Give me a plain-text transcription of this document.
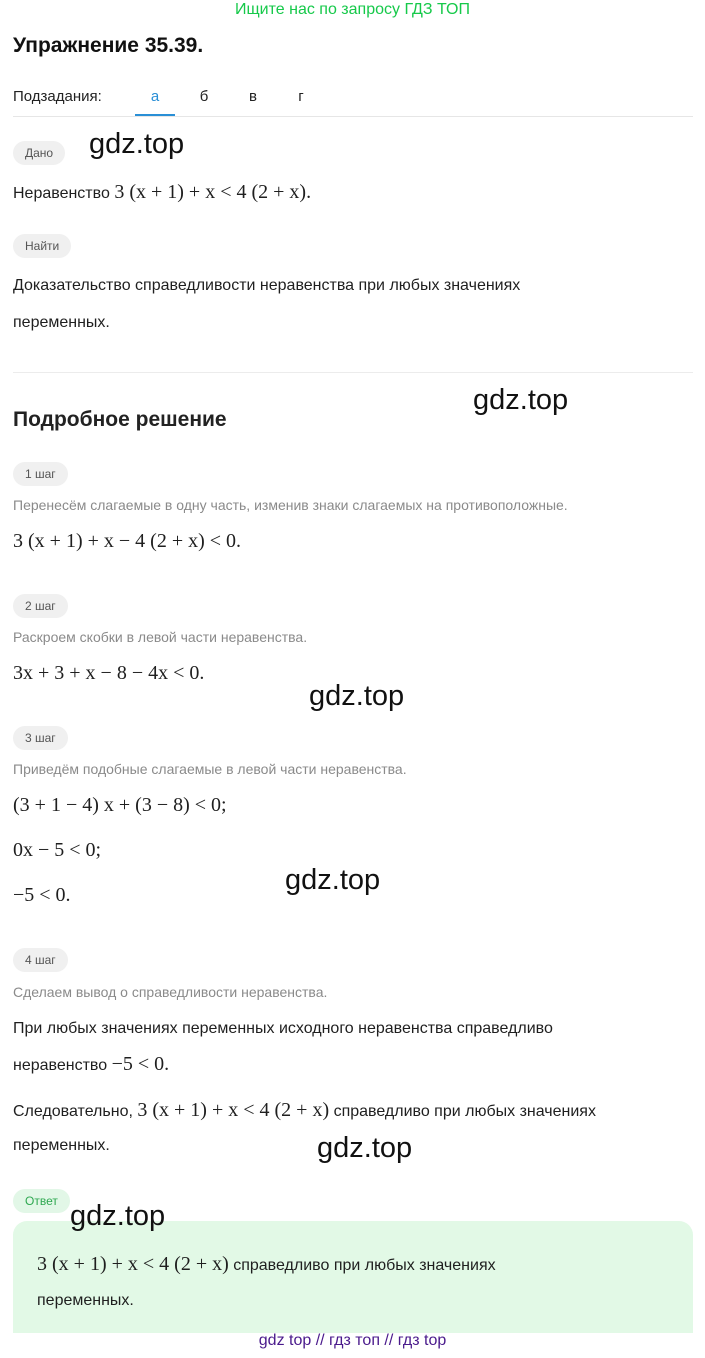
Ищите нас по запросу ГДЗ ТОП
Упражнение 35.39.
Подзадания:	а	б	в	г
Дано
Неравенство 3 (x + 1) + x < 4 (2 + x).
Найти
Доказательство справедливости неравенства при любых значениях
переменных.
Подробное решение
1 шаг
Перенесём слагаемые в одну часть, изменив знаки слагаемых на противоположные.
3 (x + 1) + x − 4 (2 + x) < 0.
2 шаг
Раскроем скобки в левой части неравенства.
3x + 3 + x − 8 − 4x < 0.
3 шаг
Приведём подобные слагаемые в левой части неравенства.
(3 + 1 − 4) x + (3 − 8) < 0;
0x − 5 < 0;
−5 < 0.
4 шаг
Сделаем вывод о справедливости неравенства.
При любых значениях переменных исходного неравенства справедливо
неравенство −5 < 0.
Следовательно, 3 (x + 1) + x < 4 (2 + x) справедливо при любых значениях
переменных.
Ответ
3 (x + 1) + x < 4 (2 + x) справедливо при любых значениях
переменных.
gdz.top
gdz.top
gdz.top
gdz.top
gdz.top
gdz.top
gdz top // гдз топ // гдз top
